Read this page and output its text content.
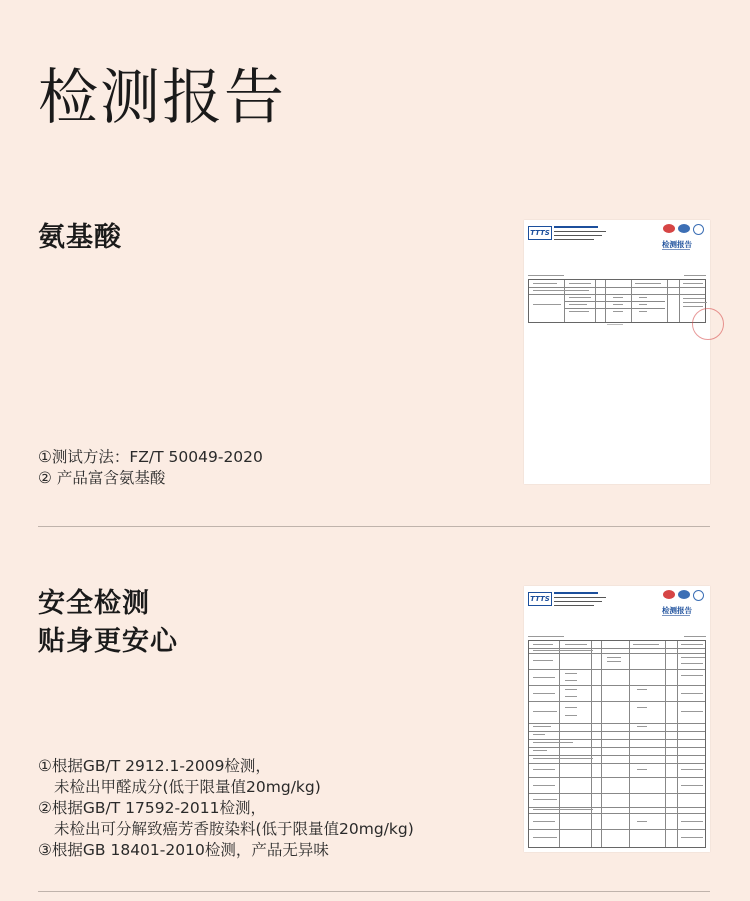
检测报告
氨基酸
①测试方法：FZ/T 50049-2020
② 产品富含氨基酸
TTTS
检测报告
安全检测
贴身更安心
①根据GB/T 2912.1-2009检测，
未检出甲醛成分(低于限量值20mg/kg)
②根据GB/T 17592-2011检测，
未检出可分解致癌芳香胺染料(低于限量值20mg/kg)
③根据GB 18401-2010检测，产品无异味
TTTS
检测报告
